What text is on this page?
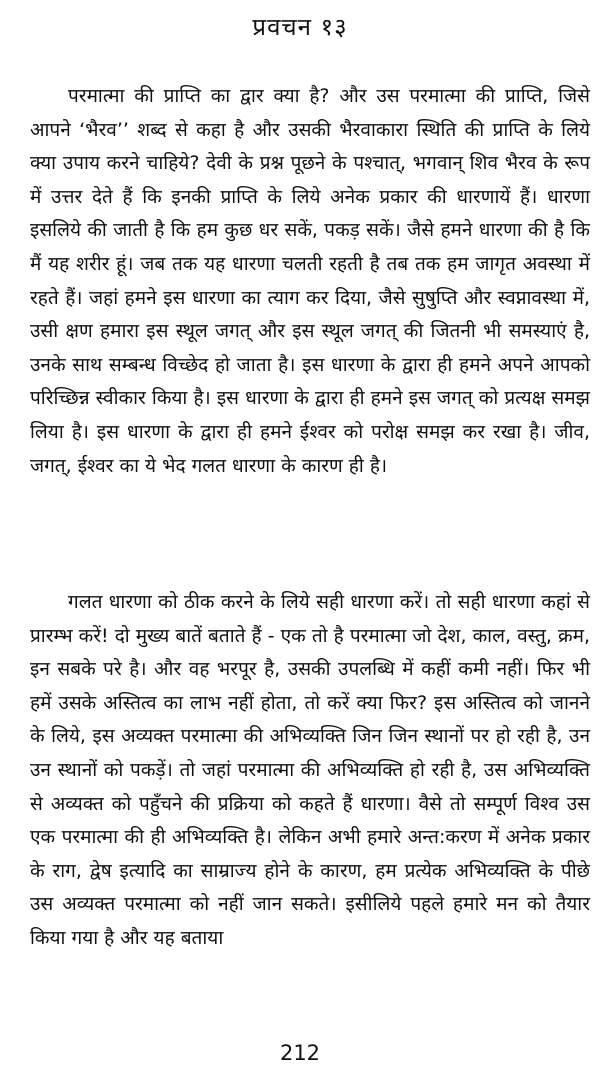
प्रवचन १३

परमात्मा की प्राप्ति का द्वार क्या है? और उस परमात्मा की प्राप्ति, जिसे आपने ‘भैरव’’ शब्द से कहा है और उसकी भैरवाकारा स्थिति की प्राप्ति के लिये क्या उपाय करने चाहिये? देवी के प्रश्न पूछने के पश्चात्, भगवान् शिव भैरव के रूप में उत्तर देते हैं कि इनकी प्राप्ति के लिये अनेक प्रकार की धारणायें हैं। धारणा इसलिये की जाती है कि हम कुछ धर सकें, पकड़ सकें। जैसे हमने धारणा की है कि मैं यह शरीर हूं। जब तक यह धारणा चलती रहती है तब तक हम जागृत अवस्था में रहते हैं। जहां हमने इस धारणा का त्याग कर दिया, जैसे सुषुप्ति और स्वप्नावस्था में, उसी क्षण हमारा इस स्थूल जगत् और इस स्थूल जगत् की जितनी भी समस्याएं है, उनके साथ सम्बन्ध विच्छेद हो जाता है। इस धारणा के द्वारा ही हमने अपने आपको परिच्छिन्न स्वीकार किया है। इस धारणा के द्वारा ही हमने इस जगत् को प्रत्यक्ष समझ लिया है। इस धारणा के द्वारा ही हमने ईश्वर को परोक्ष समझ कर रखा है। जीव, जगत्, ईश्वर का ये भेद गलत धारणा के कारण ही है।

गलत धारणा को ठीक करने के लिये सही धारणा करें। तो सही धारणा कहां से प्रारम्भ करें! दो मुख्य बातें बताते हैं - एक तो है परमात्मा जो देश, काल, वस्तु, क्रम, इन सबके परे है। और वह भरपूर है, उसकी उपलब्धि में कहीं कमी नहीं। फिर भी हमें उसके अस्तित्व का लाभ नहीं होता, तो करें क्या फिर? इस अस्तित्व को जानने के लिये, इस अव्यक्त परमात्मा की अभिव्यक्ति जिन जिन स्थानों पर हो रही है, उन उन स्थानों को पकड़ें। तो जहां परमात्मा की अभिव्यक्ति हो रही है, उस अभिव्यक्ति से अव्यक्त को पहुँचने की प्रक्रिया को कहते हैं धारणा। वैसे तो सम्पूर्ण विश्व उस एक परमात्मा की ही अभिव्यक्ति है। लेकिन अभी हमारे अन्त:करण में अनेक प्रकार के राग, द्वेष इत्यादि का साम्राज्य होने के कारण, हम प्रत्येक अभिव्यक्ति के पीछे उस अव्यक्त परमात्मा को नहीं जान सकते। इसीलिये पहले हमारे मन को तैयार किया गया है और यह बताया

212
